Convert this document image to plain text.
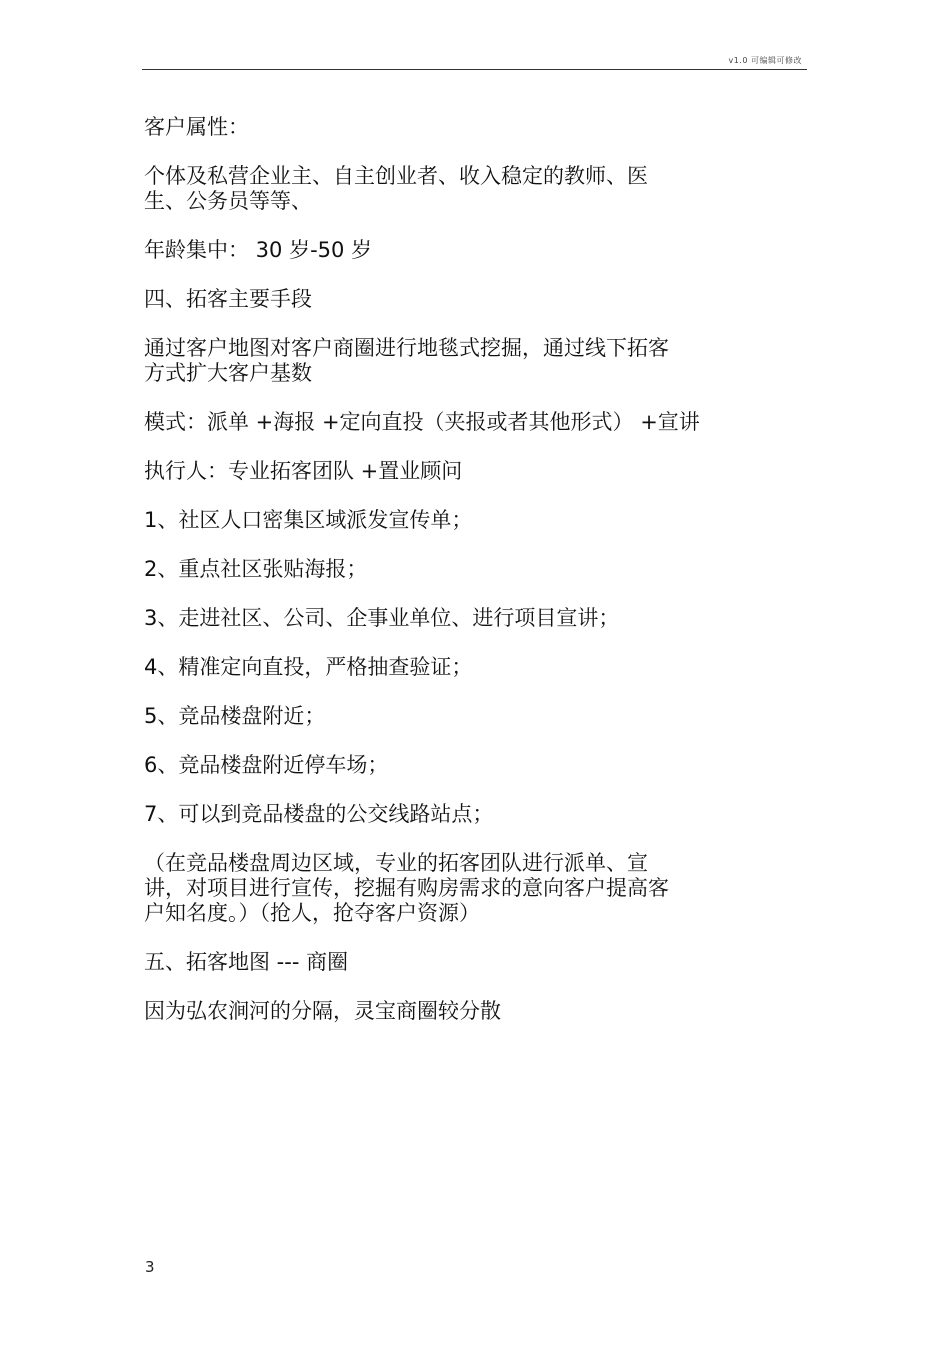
v1.0 可编辑可修改
客户属性：
个体及私营企业主、自主创业者、收入稳定的教师、医
生、公务员等等、
年龄集中： 30 岁-50 岁
四、拓客主要手段
通过客户地图对客户商圈进行地毯式挖掘，通过线下拓客
方式扩大客户基数
模式：派单 +海报 +定向直投（夹报或者其他形式） +宣讲
执行人：专业拓客团队 +置业顾问
1、社区人口密集区域派发宣传单；
2、重点社区张贴海报；
3、走进社区、公司、企事业单位、进行项目宣讲；
4、精准定向直投，严格抽查验证；
5、竞品楼盘附近；
6、竞品楼盘附近停车场；
7、可以到竞品楼盘的公交线路站点；
（在竞品楼盘周边区域，专业的拓客团队进行派单、宣
讲，对项目进行宣传，挖掘有购房需求的意向客户提高客
户知名度。）（抢人，抢夺客户资源）
五、拓客地图 --- 商圈
因为弘农涧河的分隔，灵宝商圈较分散
3
